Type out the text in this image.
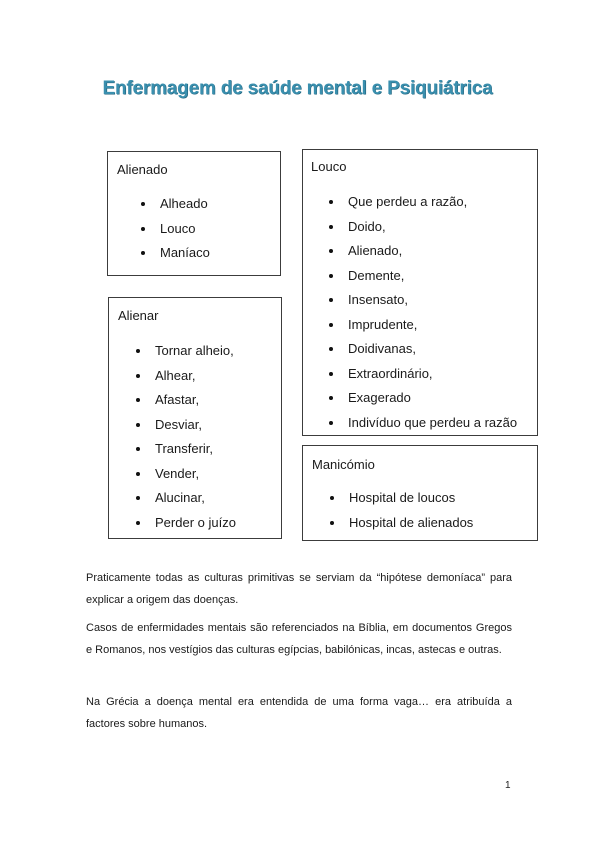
Enfermagem de saúde mental e Psiquiátrica
Alienado
Alheado
Louco
Maníaco
Alienar
Tornar alheio,
Alhear,
Afastar,
Desviar,
Transferir,
Vender,
Alucinar,
Perder o juízo
Louco
Que perdeu a razão,
Doido,
Alienado,
Demente,
Insensato,
Imprudente,
Doidivanas,
Extraordinário,
Exagerado
Indivíduo que perdeu a razão
Manicómio
Hospital de loucos
Hospital de alienados

Praticamente todas as culturas primitivas se serviam da “hipótese demoníaca” para explicar a origem das doenças.

Casos de enfermidades mentais são referenciados na Bíblia, em documentos Gregos e Romanos, nos vestígios das culturas egípcias, babilónicas, incas, astecas e outras.

Na Grécia a doença mental era entendida de uma forma vaga… era atribuída a factores sobre humanos.

1
